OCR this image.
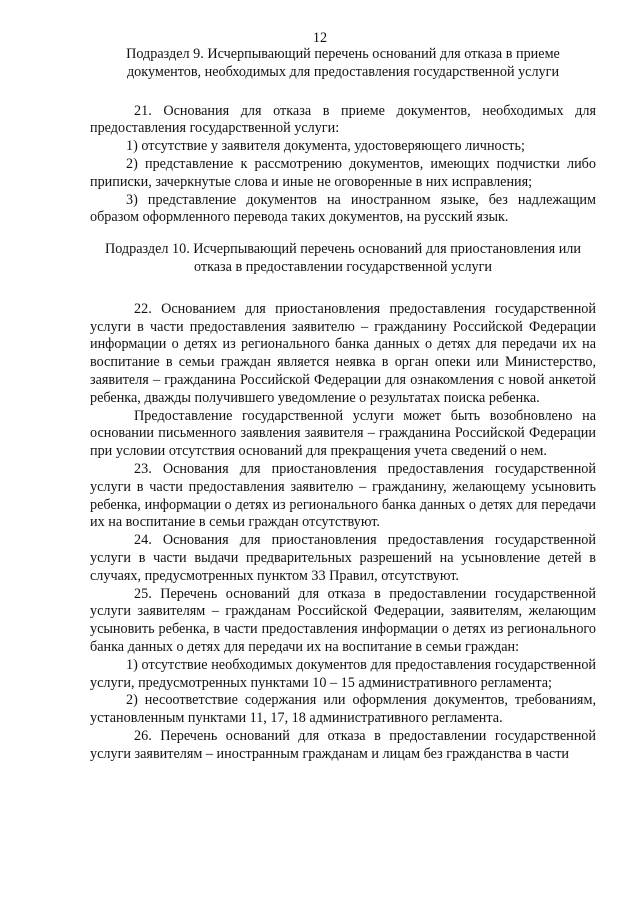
12
Подраздел 9. Исчерпывающий перечень оснований для отказа в приеме документов, необходимых для предоставления государственной услуги

21. Основания для отказа в приеме документов, необходимых для предоставления государственной услуги:

1) отсутствие у заявителя документа, удостоверяющего личность;

2) представление к рассмотрению документов, имеющих подчистки либо приписки, зачеркнутые слова и иные не оговоренные в них исправления;

3) представление документов на иностранном языке, без надлежащим образом оформленного перевода таких документов, на русский язык.

Подраздел 10. Исчерпывающий перечень оснований для приостановления или отказа в предоставлении государственной услуги

22. Основанием для приостановления предоставления государственной услуги в части предоставления заявителю – гражданину Российской Федерации информации о детях из регионального банка данных о детях для передачи их на воспитание в семьи граждан является неявка в орган опеки или Министерство, заявителя – гражданина Российской Федерации для ознакомления с новой анкетой ребенка, дважды получившего уведомление о результатах поиска ребенка.

Предоставление государственной услуги может быть возобновлено на основании письменного заявления заявителя – гражданина Российской Федерации при условии отсутствия оснований для прекращения учета сведений о нем.

23. Основания для приостановления предоставления государственной услуги в части предоставления заявителю – гражданину, желающему усыновить ребенка, информации о детях из регионального банка данных о детях для передачи их на воспитание в семьи граждан отсутствуют.

24. Основания для приостановления предоставления государственной услуги в части выдачи предварительных разрешений на усыновление детей в случаях, предусмотренных пунктом 33 Правил, отсутствуют.

25. Перечень оснований для отказа в предоставлении государственной услуги заявителям – гражданам Российской Федерации, заявителям, желающим усыновить ребенка, в части предоставления информации о детях из регионального банка данных о детях для передачи их на воспитание в семьи граждан:

1) отсутствие необходимых документов для предоставления государственной услуги, предусмотренных пунктами 10 – 15 административного регламента;

2) несоответствие содержания или оформления документов, требованиям, установленным пунктами 11, 17, 18 административного регламента.

26. Перечень оснований для отказа в предоставлении государственной услуги заявителям – иностранным гражданам и лицам без гражданства в части
